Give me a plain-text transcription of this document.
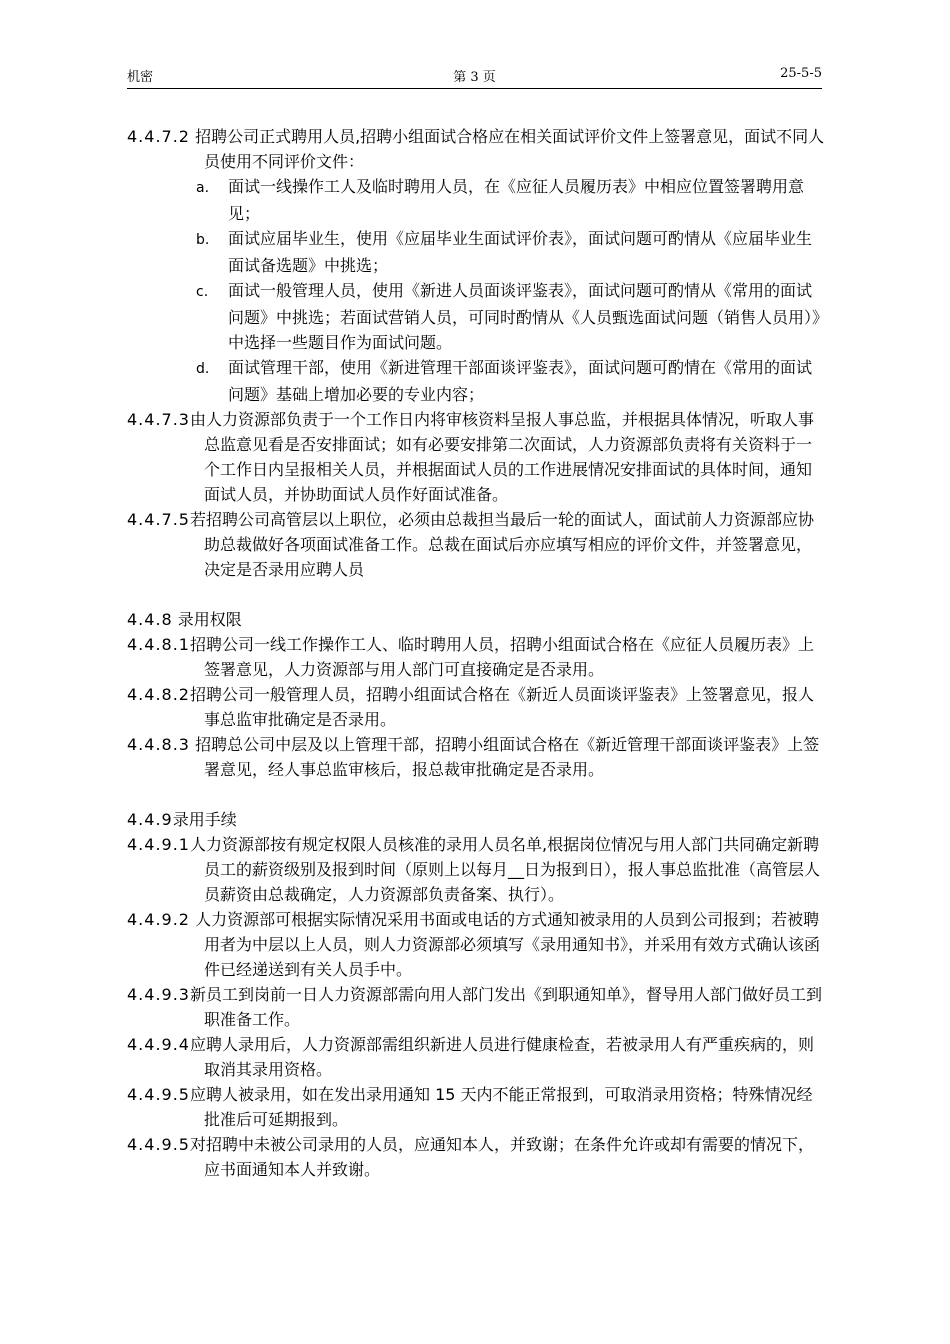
机密	第 3 页	25-5-5
4.4.7.2 招聘公司正式聘用人员,招聘小组面试合格应在相关面试评价文件上签署意见，面试不同人员使用不同评价文件：
a. 面试一线操作工人及临时聘用人员，在《应征人员履历表》中相应位置签署聘用意见；
b. 面试应届毕业生，使用《应届毕业生面试评价表》，面试问题可酌情从《应届毕业生面试备选题》中挑选；
c. 面试一般管理人员，使用《新进人员面谈评鉴表》，面试问题可酌情从《常用的面试问题》中挑选；若面试营销人员，可同时酌情从《人员甄选面试问题（销售人员用）》中选择一些题目作为面试问题。
d. 面试管理干部，使用《新进管理干部面谈评鉴表》，面试问题可酌情在《常用的面试问题》基础上增加必要的专业内容；
4.4.7.3由人力资源部负责于一个工作日内将审核资料呈报人事总监，并根据具体情况，听取人事总监意见看是否安排面试；如有必要安排第二次面试，人力资源部负责将有关资料于一个工作日内呈报相关人员，并根据面试人员的工作进展情况安排面试的具体时间，通知面试人员，并协助面试人员作好面试准备。
4.4.7.5若招聘公司高管层以上职位，必须由总裁担当最后一轮的面试人，面试前人力资源部应协助总裁做好各项面试准备工作。总裁在面试后亦应填写相应的评价文件，并签署意见，决定是否录用应聘人员
4.4.8 录用权限
4.4.8.1招聘公司一线工作操作工人、临时聘用人员，招聘小组面试合格在《应征人员履历表》上签署意见，人力资源部与用人部门可直接确定是否录用。
4.4.8.2招聘公司一般管理人员，招聘小组面试合格在《新近人员面谈评鉴表》上签署意见，报人事总监审批确定是否录用。
4.4.8.3 招聘总公司中层及以上管理干部，招聘小组面试合格在《新近管理干部面谈评鉴表》上签署意见，经人事总监审核后，报总裁审批确定是否录用。
4.4.9录用手续
4.4.9.1人力资源部按有规定权限人员核准的录用人员名单,根据岗位情况与用人部门共同确定新聘员工的薪资级别及报到时间（原则上以每月__日为报到日），报人事总监批准（高管层人员薪资由总裁确定，人力资源部负责备案、执行）。
4.4.9.2 人力资源部可根据实际情况采用书面或电话的方式通知被录用的人员到公司报到；若被聘用者为中层以上人员，则人力资源部必须填写《录用通知书》，并采用有效方式确认该函件已经递送到有关人员手中。
4.4.9.3新员工到岗前一日人力资源部需向用人部门发出《到职通知单》，督导用人部门做好员工到职准备工作。
4.4.9.4应聘人录用后，人力资源部需组织新进人员进行健康检查，若被录用人有严重疾病的，则取消其录用资格。
4.4.9.5应聘人被录用，如在发出录用通知 15 天内不能正常报到，可取消录用资格；特殊情况经批准后可延期报到。
4.4.9.5对招聘中未被公司录用的人员，应通知本人，并致谢；在条件允许或却有需要的情况下，应书面通知本人并致谢。
